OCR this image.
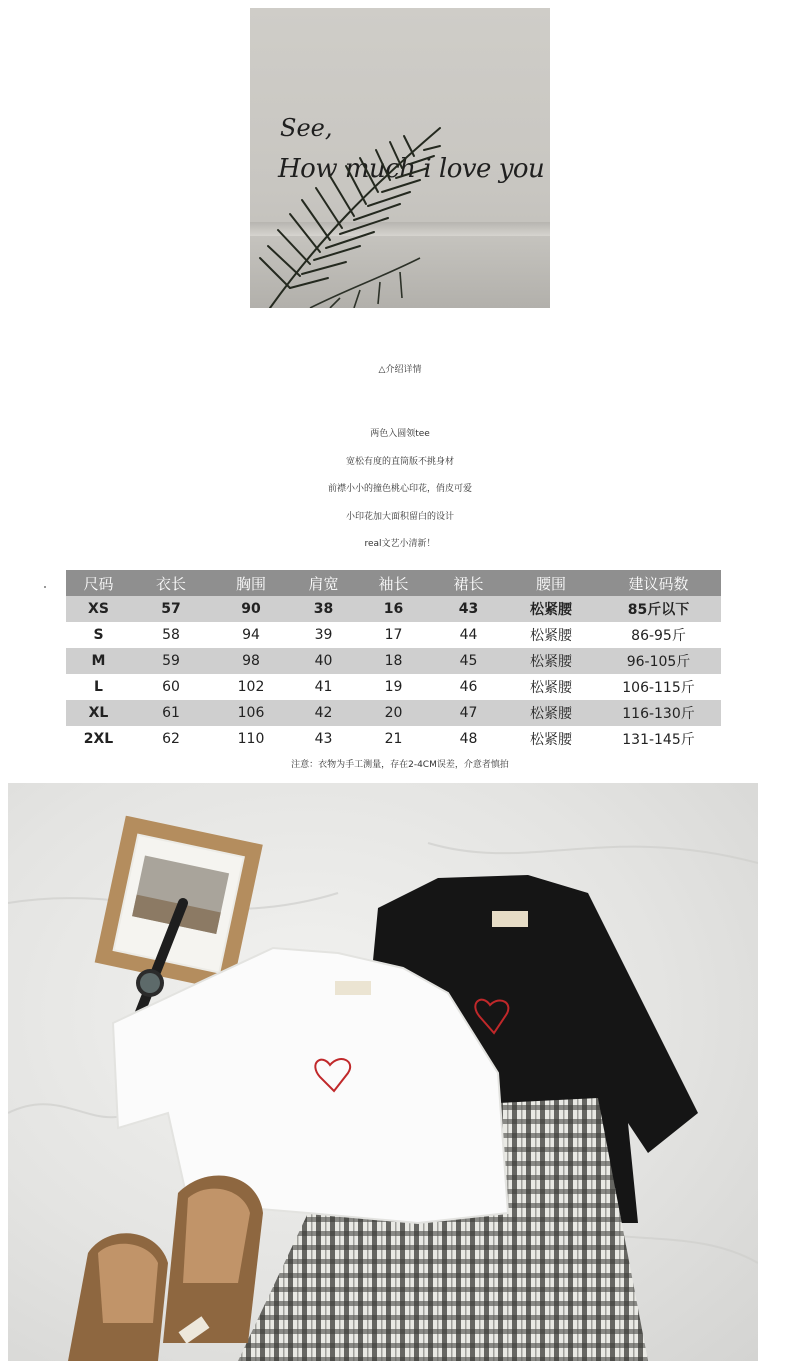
See,
How much i love you
△介绍详情
两色入圆领tee
宽松有度的直筒版不挑身材
前襟小小的撞色桃心印花，俏皮可爱
小印花加大面积留白的设计
real文艺小清新！
尺码	衣长	胸围	肩宽	袖长	裙长	腰围	建议码数
XS	57	90	38	16	43	松紧腰	85斤以下
S	58	94	39	17	44	松紧腰	86-95斤
M	59	98	40	18	45	松紧腰	96-105斤
L	60	102	41	19	46	松紧腰	106-115斤
XL	61	106	42	20	47	松紧腰	116-130斤
2XL	62	110	43	21	48	松紧腰	131-145斤
注意：衣物为手工测量，存在2-4CM误差，介意者慎拍
